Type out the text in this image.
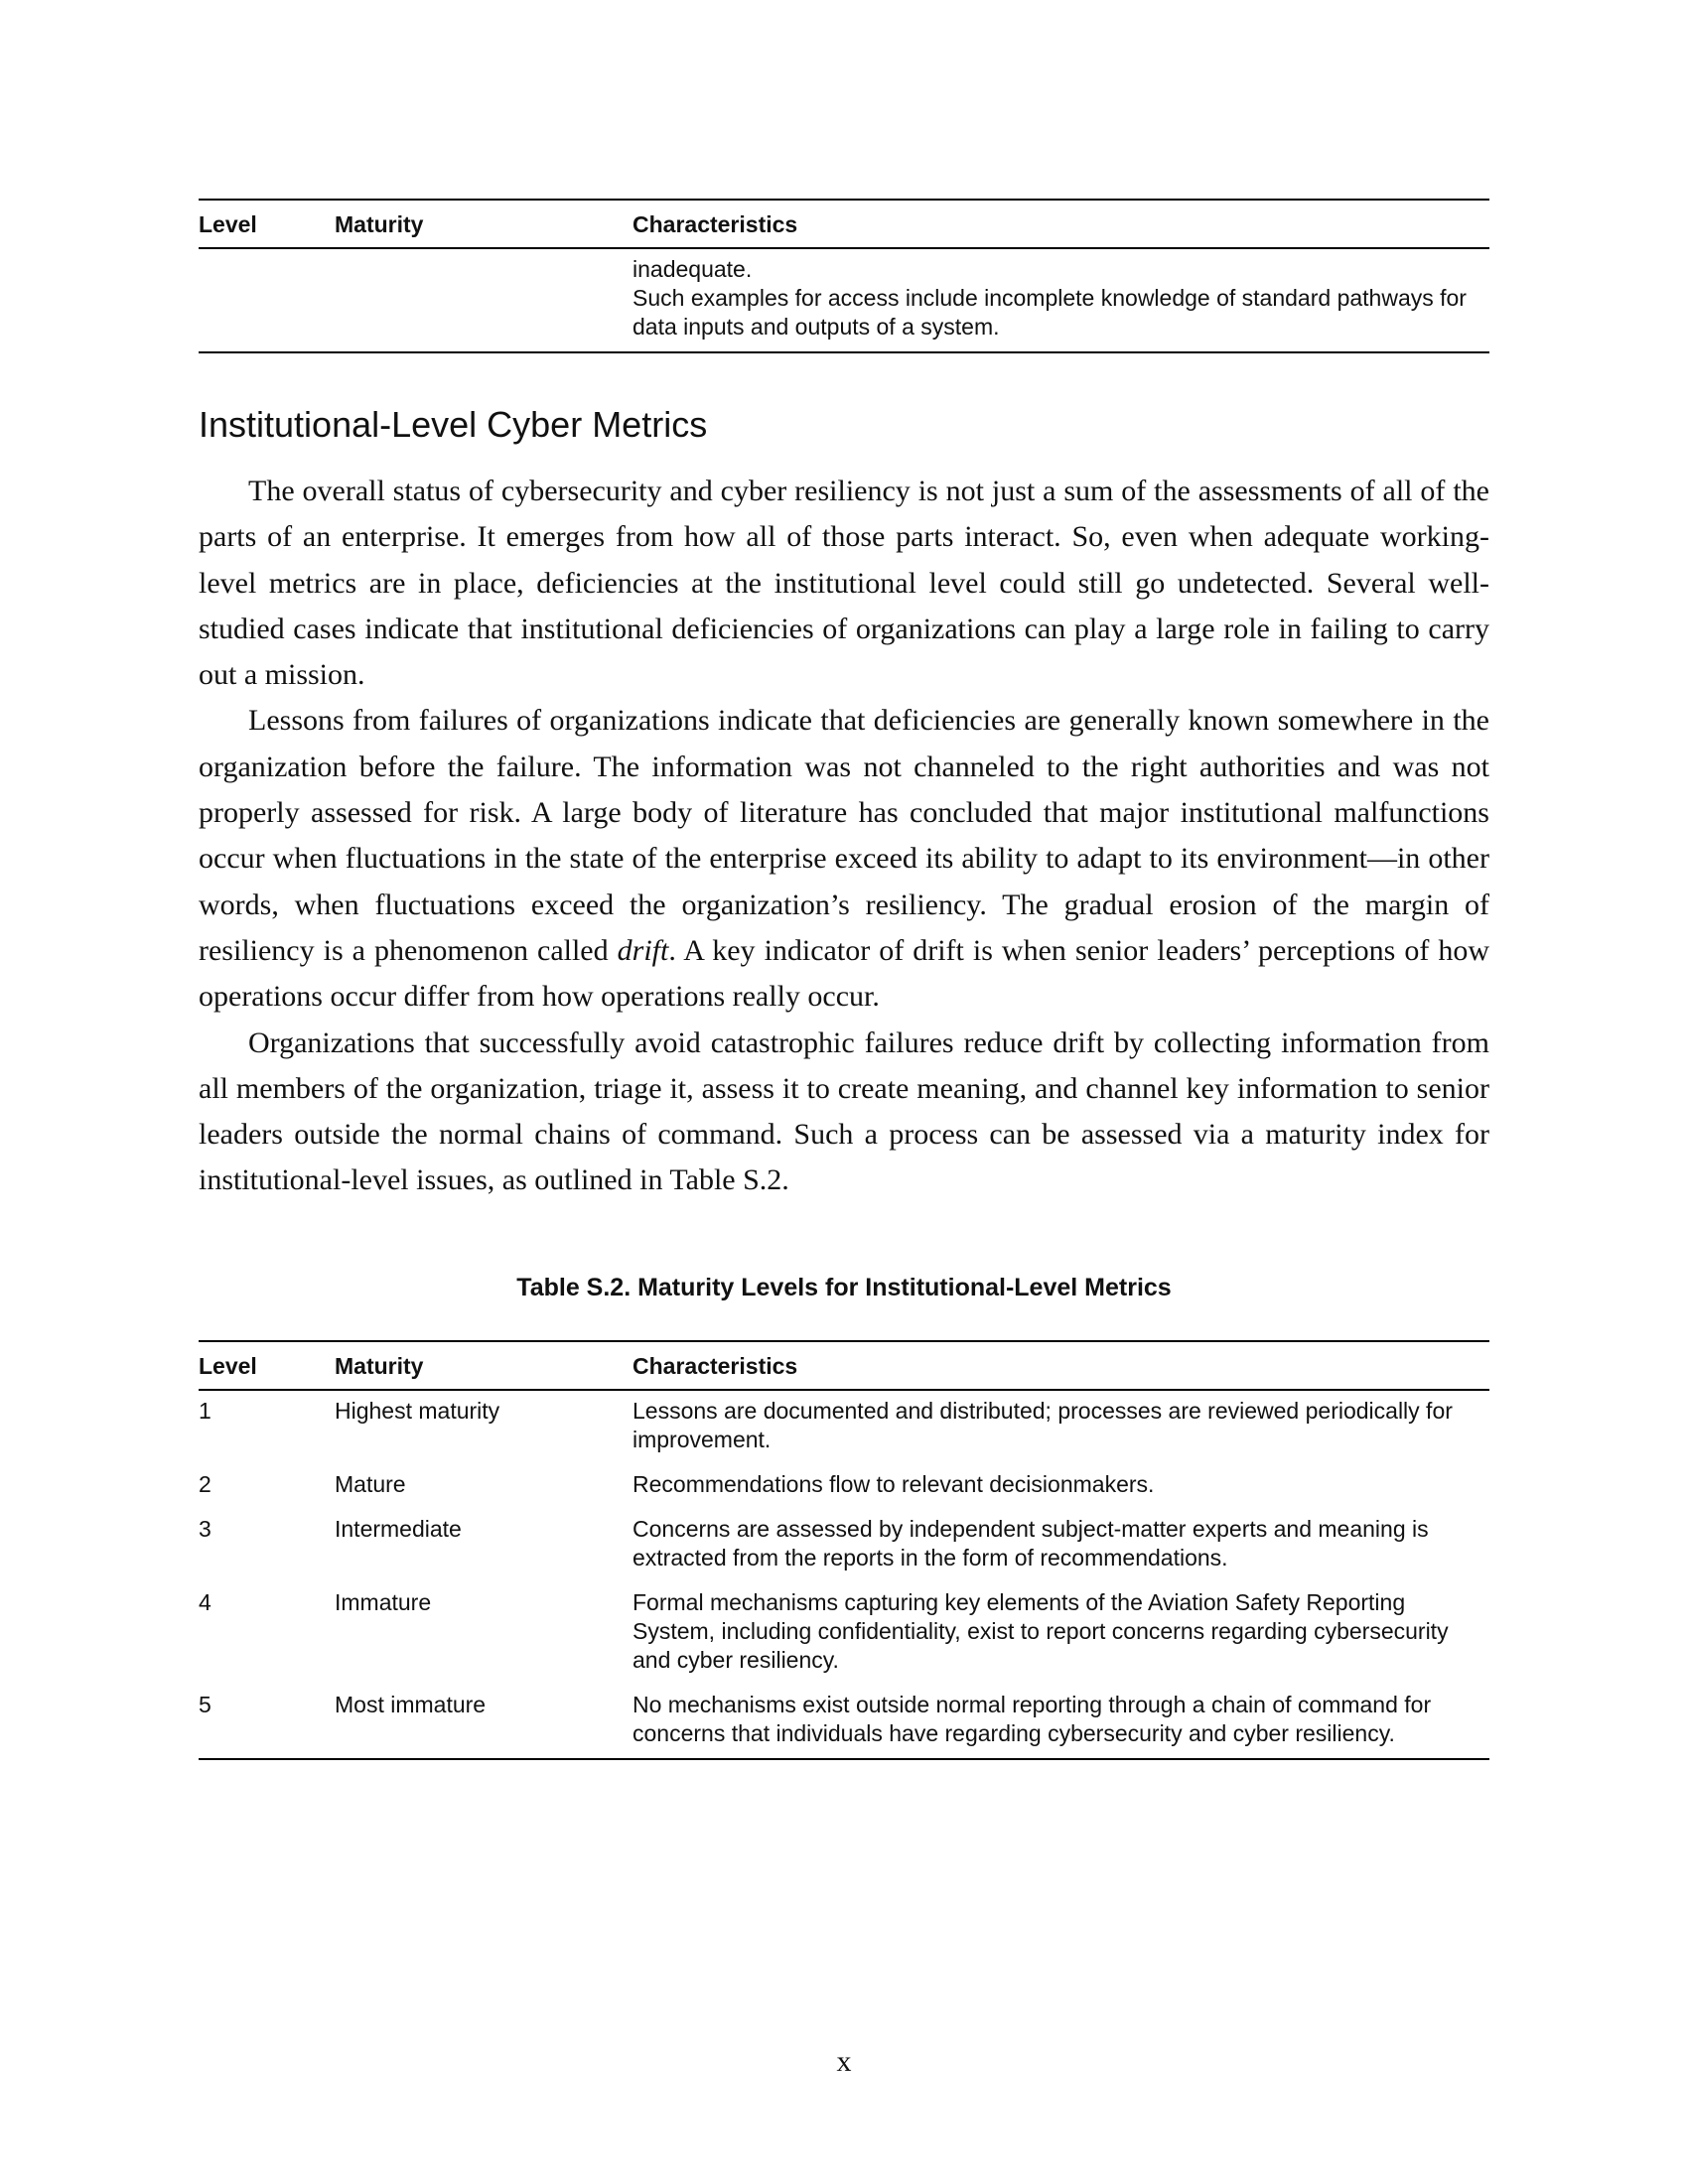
Level	Maturity	Characteristics

		inadequate.
Such examples for access include incomplete knowledge of standard pathways for data inputs and outputs of a system.
Institutional-Level Cyber Metrics

The overall status of cybersecurity and cyber resiliency is not just a sum of the assessments of all of the parts of an enterprise. It emerges from how all of those parts interact. So, even when adequate working-level metrics are in place, deficiencies at the institutional level could still go undetected. Several well-studied cases indicate that institutional deficiencies of organizations can play a large role in failing to carry out a mission.

Lessons from failures of organizations indicate that deficiencies are generally known somewhere in the organization before the failure. The information was not channeled to the right authorities and was not properly assessed for risk. A large body of literature has concluded that major institutional malfunctions occur when fluctuations in the state of the enterprise exceed its ability to adapt to its environment—in other words, when fluctuations exceed the organization’s resiliency. The gradual erosion of the margin of resiliency is a phenomenon called drift. A key indicator of drift is when senior leaders’ perceptions of how operations occur differ from how operations really occur.

Organizations that successfully avoid catastrophic failures reduce drift by collecting information from all members of the organization, triage it, assess it to create meaning, and channel key information to senior leaders outside the normal chains of command. Such a process can be assessed via a maturity index for institutional-level issues, as outlined in Table S.2.

Table S.2. Maturity Levels for Institutional-Level Metrics
Level	Maturity	Characteristics
1	Highest maturity	Lessons are documented and distributed; processes are reviewed periodically for improvement.
2	Mature	Recommendations flow to relevant decisionmakers.
3	Intermediate	Concerns are assessed by independent subject-matter experts and meaning is extracted from the reports in the form of recommendations.
4	Immature	Formal mechanisms capturing key elements of the Aviation Safety Reporting System, including confidentiality, exist to report concerns regarding cybersecurity and cyber resiliency.
5	Most immature	No mechanisms exist outside normal reporting through a chain of command for concerns that individuals have regarding cybersecurity and cyber resiliency.
x
